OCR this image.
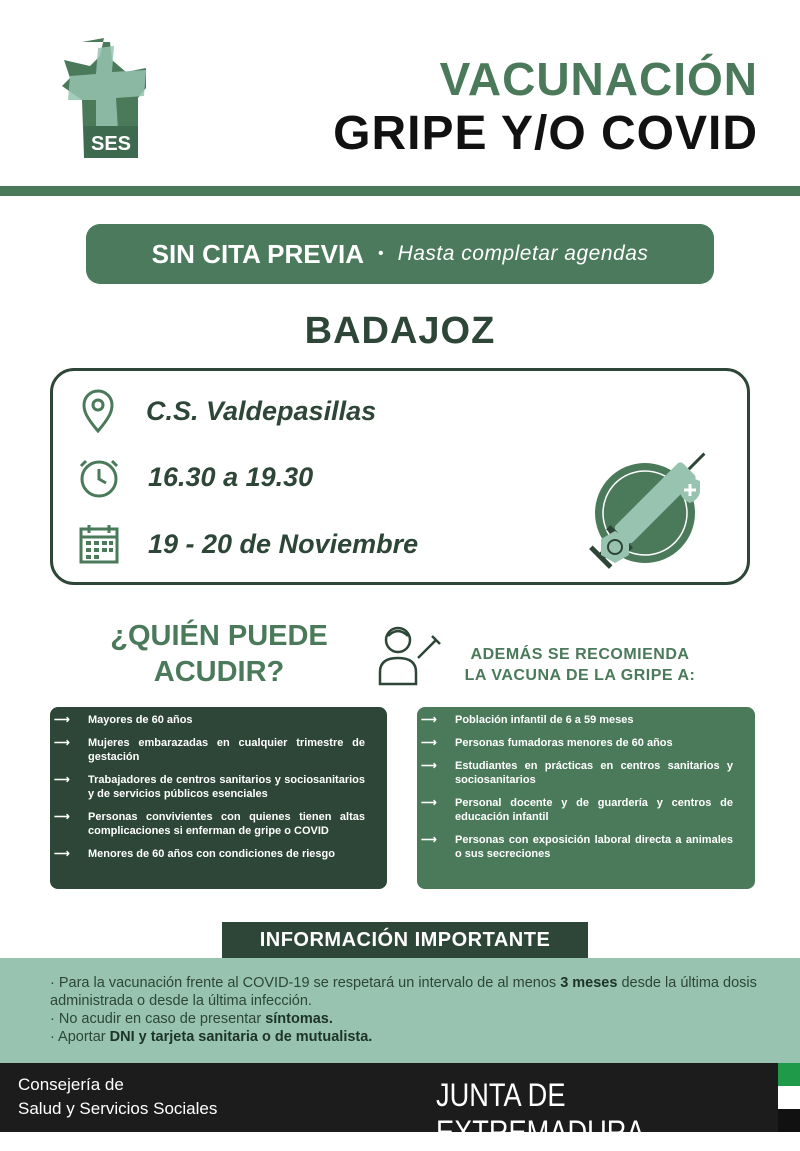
SES
VACUNACIÓN
GRIPE Y/O COVID
SIN CITA PREVIA • Hasta completar agendas
BADAJOZ
C.S. Valdepasillas
16.30 a 19.30
19 - 20 de Noviembre
¿QUIÉN PUEDE
ACUDIR?
ADEMÁS SE RECOMIENDA
LA VACUNA DE LA GRIPE A:
⟶	Mayores de 60 años
⟶	Mujeres embarazadas en cualquier trimestre de gestación
⟶	Trabajadores de centros sanitarios y sociosanitarios y de servicios públicos esenciales
⟶	Personas convivientes con quienes tienen altas complicaciones si enferman de gripe o COVID
⟶	Menores de 60 años con condiciones de riesgo
⟶	Población infantil de 6 a 59 meses
⟶	Personas fumadoras menores de 60 años
⟶	Estudiantes en prácticas en centros sanitarios y sociosanitarios
⟶	Personal docente y de guardería y centros de educación infantil
⟶	Personas con exposición laboral directa a animales o sus secreciones
INFORMACIÓN IMPORTANTE
· Para la vacunación frente al COVID-19 se respetará un intervalo de al menos 3 meses desde la última dosis administrada o desde la última infección.
· No acudir en caso de presentar síntomas.
· Aportar DNI y tarjeta sanitaria o de mutualista.
Consejería de
Salud y Servicios Sociales	JUNTA DE EXTREMADURA
